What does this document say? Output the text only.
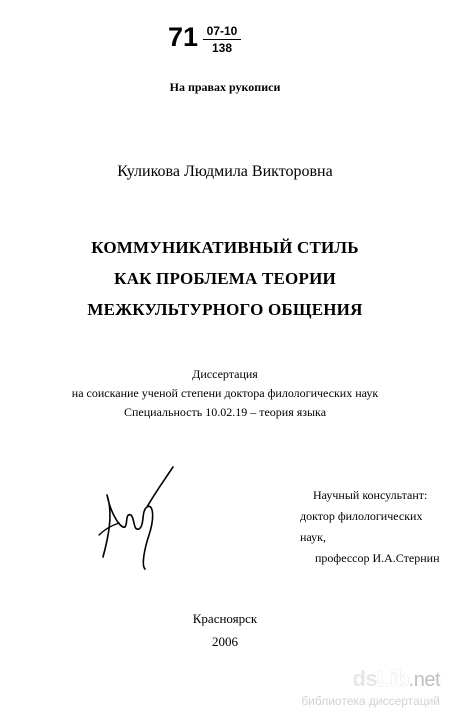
71 07-10
138
На правах рукописи
Куликова Людмила Викторовна
КОММУНИКАТИВНЫЙ СТИЛЬ
КАК ПРОБЛЕМА ТЕОРИИ
МЕЖКУЛЬТУРНОГО ОБЩЕНИЯ
Диссертация
на соискание ученой степени доктора филологических наук
Специальность 10.02.19 – теория языка
Научный консультант:
доктор филологических наук,
профессор И.А.Стернин
Красноярск
2006
dsLib.net
библиотека диссертаций
